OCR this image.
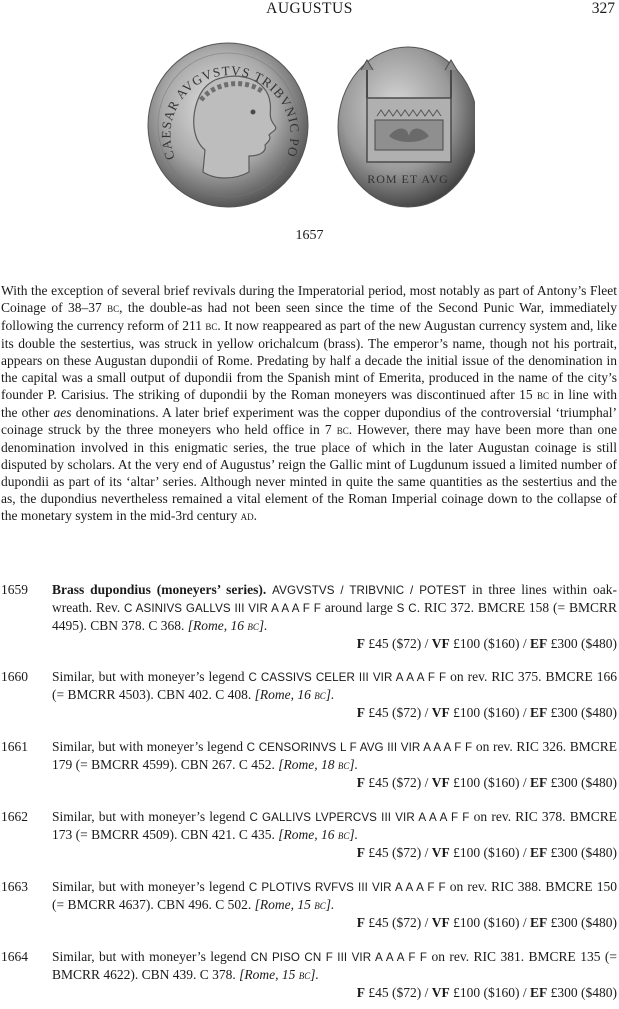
AUGUSTUS	327
CAESAR AVGVSTVS TRIBVNIC PO
ROM ET AVG
1657
With the exception of several brief revivals during the Imperatorial period, most notably as part of Antony’s Fleet Coinage of 38–37 bc, the double-as had not been seen since the time of the Second Punic War, immediately following the currency reform of 211 bc. It now reappeared as part of the new Augustan currency system and, like its double the sestertius, was struck in yellow orichalcum (brass). The emperor’s name, though not his portrait, appears on these Augustan dupondii of Rome. Predating by half a decade the initial issue of the denomination in the capital was a small output of dupondii from the Spanish mint of Emerita, produced in the name of the city’s founder P. Carisius. The striking of dupondii by the Roman moneyers was discontinued after 15 bc in line with the other aes denominations. A later brief experiment was the copper dupondius of the controversial ‘triumphal’ coinage struck by the three moneyers who held office in 7 bc. However, there may have been more than one denomination involved in this enigmatic series, the true place of which in the later Augustan coinage is still disputed by scholars. At the very end of Augustus’ reign the Gallic mint of Lugdunum issued a limited number of dupondii as part of its ‘altar’ series. Although never minted in quite the same quantities as the sestertius and the as, the dupondius nevertheless remained a vital element of the Roman Imperial coinage down to the collapse of the monetary system in the mid-3rd century ad.
1659 Brass dupondius (moneyers’ series). AVGVSTVS / TRIBVNIC / POTEST in three lines within oak-wreath. Rev. C ASINIVS GALLVS III VIR A A A F F around large S C. RIC 372. BMCRE 158 (= BMCRR 4495). CBN 378. C 368. [Rome, 16 bc].
F £45 ($72) / VF £100 ($160) / EF £300 ($480)
1660 Similar, but with moneyer’s legend C CASSIVS CELER III VIR A A A F F on rev. RIC 375. BMCRE 166 (= BMCRR 4503). CBN 402. C 408. [Rome, 16 bc].
F £45 ($72) / VF £100 ($160) / EF £300 ($480)
1661 Similar, but with moneyer’s legend C CENSORINVS L F AVG III VIR A A A F F on rev. RIC 326. BMCRE 179 (= BMCRR 4599). CBN 267. C 452. [Rome, 18 bc].
F £45 ($72) / VF £100 ($160) / EF £300 ($480)
1662 Similar, but with moneyer’s legend C GALLIVS LVPERCVS III VIR A A A F F on rev. RIC 378. BMCRE 173 (= BMCRR 4509). CBN 421. C 435. [Rome, 16 bc].
F £45 ($72) / VF £100 ($160) / EF £300 ($480)
1663 Similar, but with moneyer’s legend C PLOTIVS RVFVS III VIR A A A F F on rev. RIC 388. BMCRE 150 (= BMCRR 4637). CBN 496. C 502. [Rome, 15 bc].
F £45 ($72) / VF £100 ($160) / EF £300 ($480)
1664 Similar, but with moneyer’s legend CN PISO CN F III VIR A A A F F on rev. RIC 381. BMCRE 135 (= BMCRR 4622). CBN 439. C 378. [Rome, 15 bc].
F £45 ($72) / VF £100 ($160) / EF £300 ($480)
